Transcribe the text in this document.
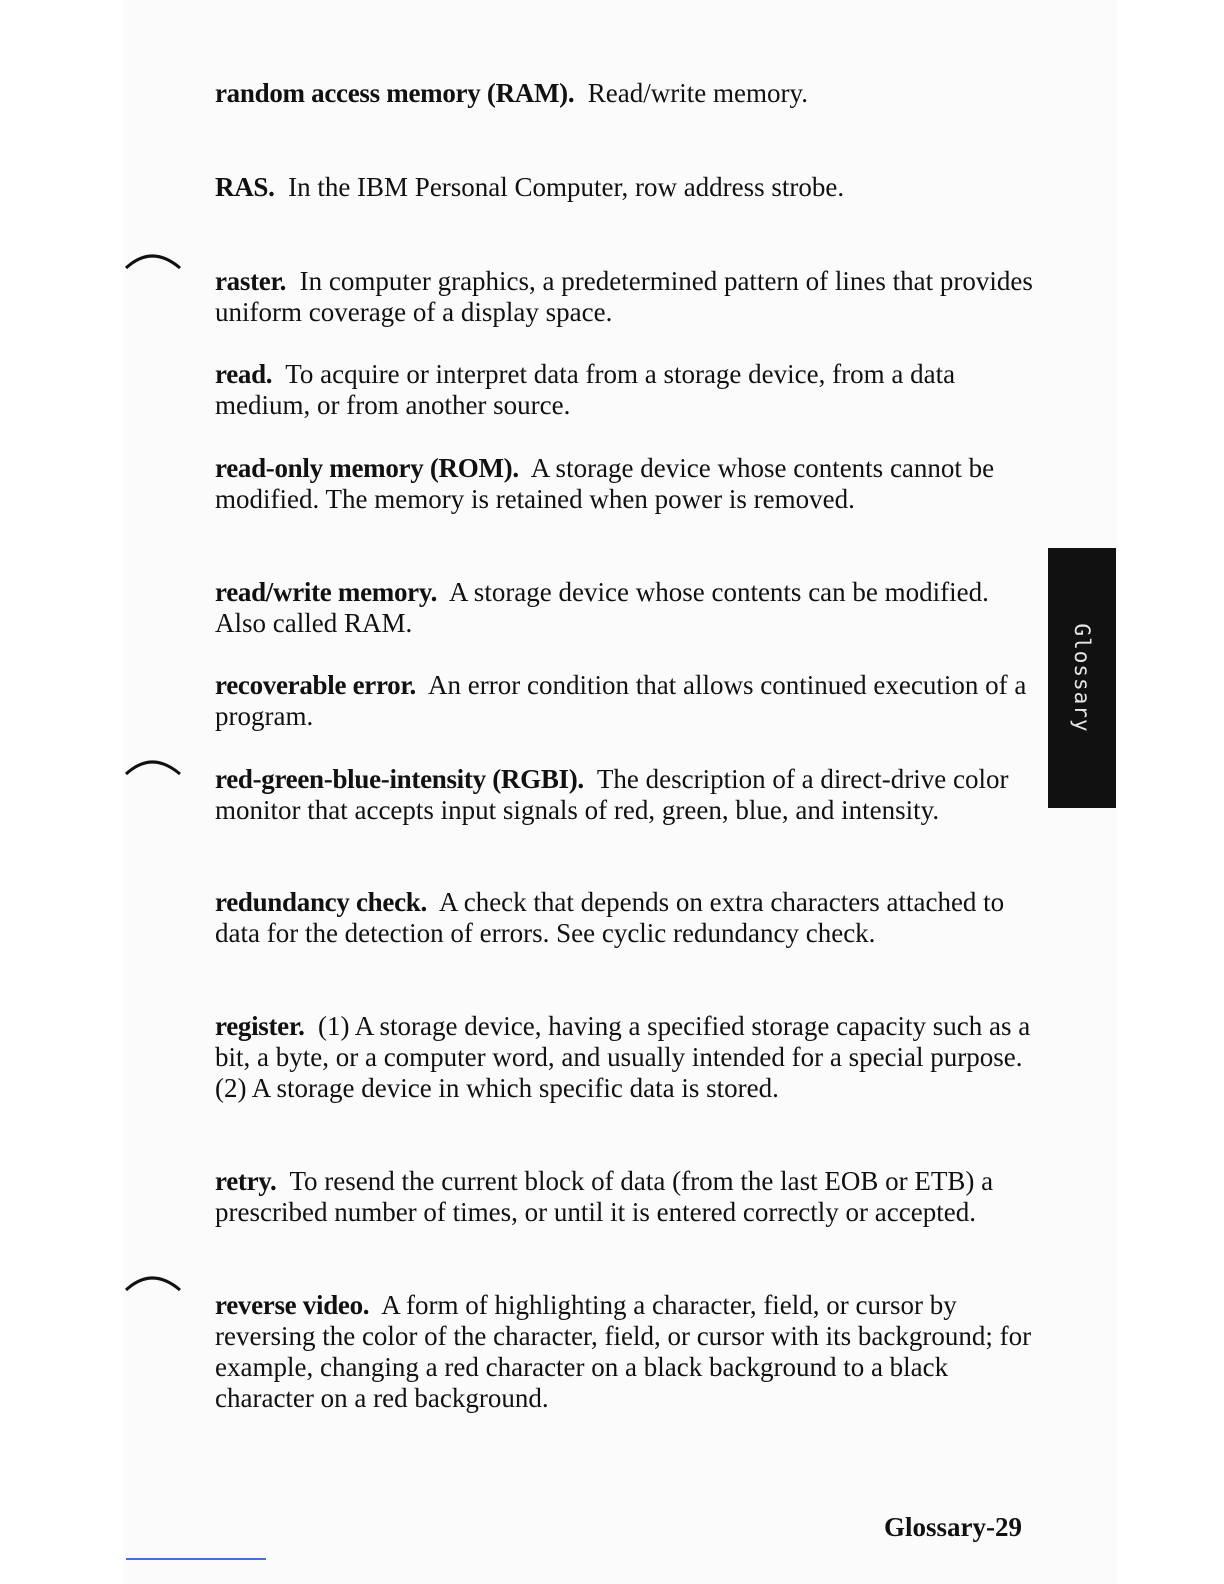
random access memory (RAM). Read/write memory.

RAS. In the IBM Personal Computer, row address strobe.

raster. In computer graphics, a predetermined pattern of lines that provides uniform coverage of a display space.

read. To acquire or interpret data from a storage device, from a data medium, or from another source.

read-only memory (ROM). A storage device whose contents cannot be modified. The memory is retained when power is removed.

read/write memory. A storage device whose contents can be modified. Also called RAM.

recoverable error. An error condition that allows continued execution of a program.

red-green-blue-intensity (RGBI). The description of a direct-drive color monitor that accepts input signals of red, green, blue, and intensity.

redundancy check. A check that depends on extra characters attached to data for the detection of errors. See cyclic redundancy check.

register. (1) A storage device, having a specified storage capacity such as a bit, a byte, or a computer word, and usually intended for a special purpose. (2) A storage device in which specific data is stored.

retry. To resend the current block of data (from the last EOB or ETB) a prescribed number of times, or until it is entered correctly or accepted.

reverse video. A form of highlighting a character, field, or cursor by reversing the color of the character, field, or cursor with its background; for example, changing a red character on a black background to a black character on a red background.

Glossary
Glossary-29
